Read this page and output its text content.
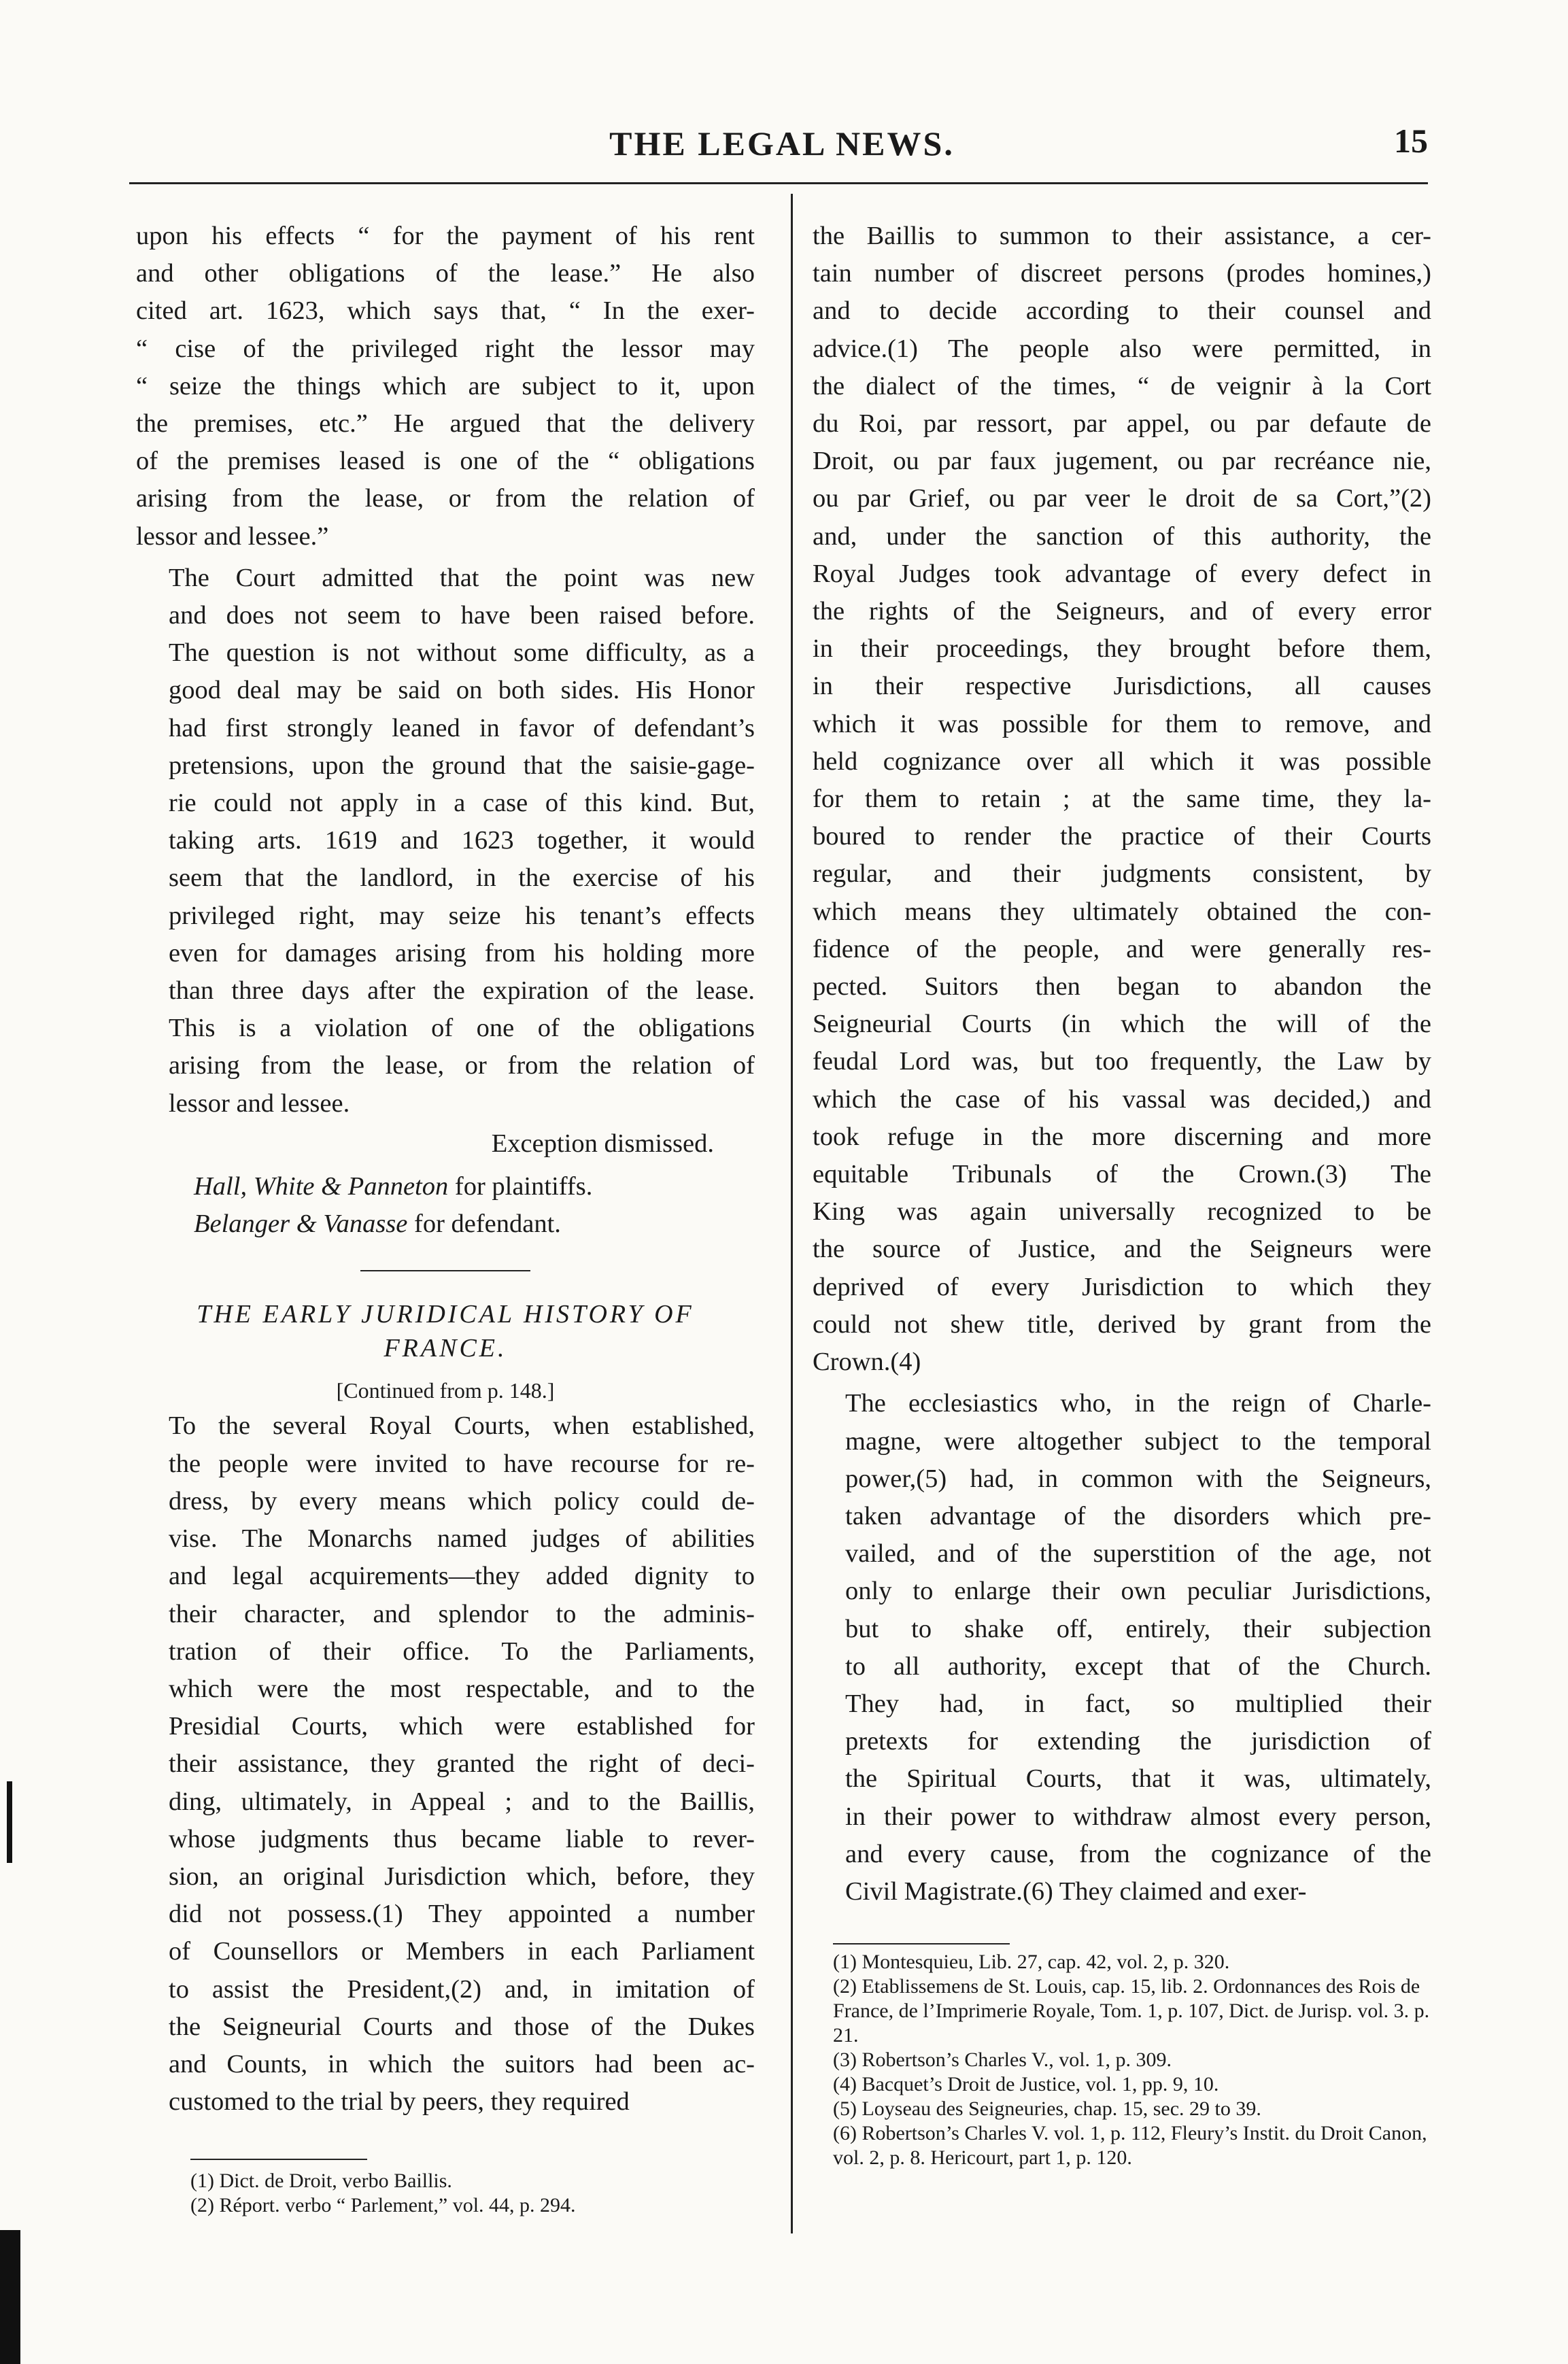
THE LEGAL NEWS.	15

upon his effects “ for the payment of his rent
and other obligations of the lease.” He also
cited art. 1623, which says that, “ In the exer-
“ cise of the privileged right the lessor may
“ seize the things which are subject to it, upon
the premises, etc.” He argued that the delivery
of the premises leased is one of the “ obligations
arising from the lease, or from the relation of
lessor and lessee.”

The Court admitted that the point was new
and does not seem to have been raised before.
The question is not without some difficulty, as a
good deal may be said on both sides. His Honor
had first strongly leaned in favor of defendant’s
pretensions, upon the ground that the saisie-gage-
rie could not apply in a case of this kind. But,
taking arts. 1619 and 1623 together, it would
seem that the landlord, in the exercise of his
privileged right, may seize his tenant’s effects
even for damages arising from his holding more
than three days after the expiration of the lease.
This is a violation of one of the obligations
arising from the lease, or from the relation of
lessor and lessee.

Exception dismissed.
Hall, White & Panneton for plaintiffs.
Belanger & Vanasse for defendant.
THE EARLY JURIDICAL HISTORY OF
FRANCE.
[Continued from p. 148.]

To the several Royal Courts, when established,
the people were invited to have recourse for re-
dress, by every means which policy could de-
vise. The Monarchs named judges of abilities
and legal acquirements—they added dignity to
their character, and splendor to the adminis-
tration of their office. To the Parliaments,
which were the most respectable, and to the
Presidial Courts, which were established for
their assistance, they granted the right of deci-
ding, ultimately, in Appeal ; and to the Baillis,
whose judgments thus became liable to rever-
sion, an original Jurisdiction which, before, they
did not possess.(1) They appointed a number
of Counsellors or Members in each Parliament
to assist the President,(2) and, in imitation of
the Seigneurial Courts and those of the Dukes
and Counts, in which the suitors had been ac-
customed to the trial by peers, they required

the Baillis to summon to their assistance, a cer-
tain number of discreet persons (prodes homines,)
and to decide according to their counsel and
advice.(1) The people also were permitted, in
the dialect of the times, “ de veignir à la Cort
du Roi, par ressort, par appel, ou par defaute de
Droit, ou par faux jugement, ou par recréance nie,
ou par Grief, ou par veer le droit de sa Cort,”(2)
and, under the sanction of this authority, the
Royal Judges took advantage of every defect in
the rights of the Seigneurs, and of every error
in their proceedings, they brought before them,
in their respective Jurisdictions, all causes
which it was possible for them to remove, and
held cognizance over all which it was possible
for them to retain ; at the same time, they la-
boured to render the practice of their Courts
regular, and their judgments consistent, by
which means they ultimately obtained the con-
fidence of the people, and were generally res-
pected. Suitors then began to abandon the
Seigneurial Courts (in which the will of the
feudal Lord was, but too frequently, the Law by
which the case of his vassal was decided,) and
took refuge in the more discerning and more
equitable Tribunals of the Crown.(3) The
King was again universally recognized to be
the source of Justice, and the Seigneurs were
deprived of every Jurisdiction to which they
could not shew title, derived by grant from the
Crown.(4)

The ecclesiastics who, in the reign of Charle-
magne, were altogether subject to the temporal
power,(5) had, in common with the Seigneurs,
taken advantage of the disorders which pre-
vailed, and of the superstition of the age, not
only to enlarge their own peculiar Jurisdictions,
but to shake off, entirely, their subjection
to all authority, except that of the Church.
They had, in fact, so multiplied their
pretexts for extending the jurisdiction of
the Spiritual Courts, that it was, ultimately,
in their power to withdraw almost every person,
and every cause, from the cognizance of the
Civil Magistrate.(6) They claimed and exer-

(1) Dict. de Droit, verbo Baillis.
(2) Réport. verbo “ Parlement,” vol. 44, p. 294.
(1) Montesquieu, Lib. 27, cap. 42, vol. 2, p. 320.
(2) Etablissemens de St. Louis, cap. 15, lib. 2. Ordonnances des Rois de France, de l’Imprimerie Royale, Tom. 1, p. 107, Dict. de Jurisp. vol. 3. p. 21.
(3) Robertson’s Charles V., vol. 1, p. 309.
(4) Bacquet’s Droit de Justice, vol. 1, pp. 9, 10.
(5) Loyseau des Seigneuries, chap. 15, sec. 29 to 39.
(6) Robertson’s Charles V. vol. 1, p. 112, Fleury’s Instit. du Droit Canon, vol. 2, p. 8. Hericourt, part 1, p. 120.
